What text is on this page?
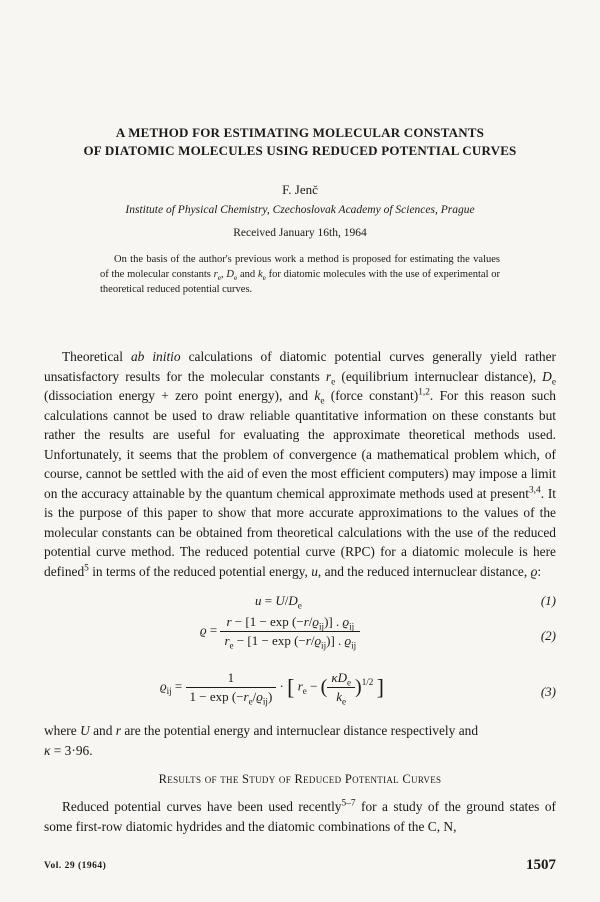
A METHOD FOR ESTIMATING MOLECULAR CONSTANTS
OF DIATOMIC MOLECULES USING REDUCED POTENTIAL CURVES
F. Jenč
Institute of Physical Chemistry, Czechoslovak Academy of Sciences, Prague
Received January 16th, 1964

On the basis of the author's previous work a method is proposed for estimating the values of the molecular constants $r_e$, $D_e$ and $k_e$ for diatomic molecules with the use of experimental or theoretical reduced potential curves.

Theoretical ab initio calculations of diatomic potential curves generally yield rather unsatisfactory results for the molecular constants $r_e$ (equilibrium internuclear distance), $D_e$ (dissociation energy + zero point energy), and $k_e$ (force constant)$^{1,2}$. For this reason such calculations cannot be used to draw reliable quantitative information on these constants but rather the results are useful for evaluating the approximate theoretical methods used. Unfortunately, it seems that the problem of convergence (a mathematical problem which, of course, cannot be settled with the aid of even the most efficient computers) may impose a limit on the accuracy attainable by the quantum chemical approximate methods used at present$^{3,4}$. It is the purpose of this paper to show that more accurate approximations to the values of the molecular constants can be obtained from theoretical calculations with the use of the reduced potential curve method. The reduced potential curve (RPC) for a diatomic molecule is here defined$^5$ in terms of the reduced potential energy, u, and the reduced internuclear distance, ϱ:

$u = U/D_e$	(1)
$ϱ = \frac{r - [1 - \exp (-r/ϱ_{ij})] . ϱ_{ij}}{r_e - [1 - \exp (-r/ϱ_{ij})] . ϱ_{ij}}$	(2)
$ϱ_{ij} = \frac{1}{1 - \exp (-r_e/ϱ_{ij})}$ · [ $r_e$ − ( $\frac{\kappa D_e}{k_e} )^{1/2}$ ]	(3)

where U and r are the potential energy and internuclear distance respectively and
κ = 3·96.

Results of the Study of Reduced Potential Curves

Reduced potential curves have been used recently$^{5-7}$ for a study of the ground states of some first-row diatomic hydrides and the diatomic combinations of the C, N,

Vol. 29 (1964)	1507
